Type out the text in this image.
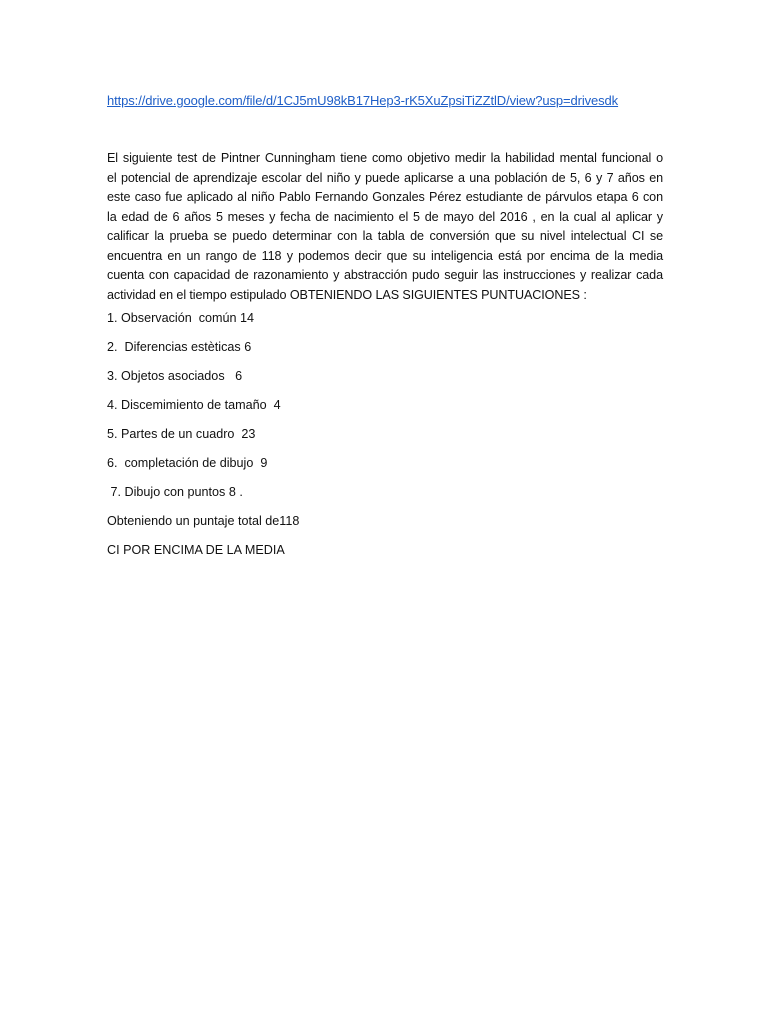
https://drive.google.com/file/d/1CJ5mU98kB17Hep3-rK5XuZpsiTiZZtlD/view?usp=drivesdk
El siguiente test de Pintner Cunningham tiene como objetivo medir la habilidad mental funcional o
el potencial de aprendizaje escolar del niño y puede aplicarse a una población de 5, 6 y 7 años en
este caso fue aplicado al niño Pablo Fernando Gonzales Pérez estudiante de párvulos etapa 6 con
la edad de 6 años 5 meses y fecha de nacimiento el 5 de mayo del 2016 , en la cual al aplicar y
calificar la prueba se puedo determinar con la tabla de conversión que su nivel intelectual CI se
encuentra en un rango de 118 y podemos decir que su inteligencia está por encima de la media
cuenta con capacidad de razonamiento y abstracción pudo seguir las instrucciones y realizar cada
actividad en el tiempo estipulado OBTENIENDO LAS SIGUIENTES PUNTUACIONES :
1. Observación  común 14
2.  Diferencias estèticas 6
3. Objetos asociados   6
4. Discemimiento de tamaño  4
5. Partes de un cuadro  23
6.  completación de dibujo  9
7. Dibujo con puntos 8 .
Obteniendo un puntaje total de118
CI POR ENCIMA DE LA MEDIA
